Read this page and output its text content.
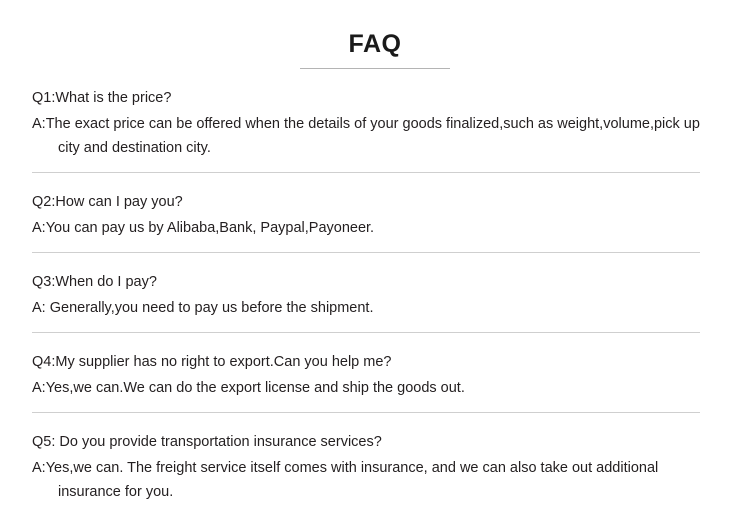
FAQ

Q1:What is the price?

A:The exact price can be offered when the details of your goods finalized,such as weight,volume,pick up city and destination city.

Q2:How can I pay you?

A:You can pay us by Alibaba,Bank, Paypal,Payoneer.

Q3:When do I pay?

A: Generally,you need to pay us before the shipment.

Q4:My supplier has no right to export.Can you help me?

A:Yes,we can.We can do the export license and ship the goods out.

Q5: Do you provide transportation insurance services?

A:Yes,we can. The freight service itself comes with insurance, and we can also take out additional insurance for you.
